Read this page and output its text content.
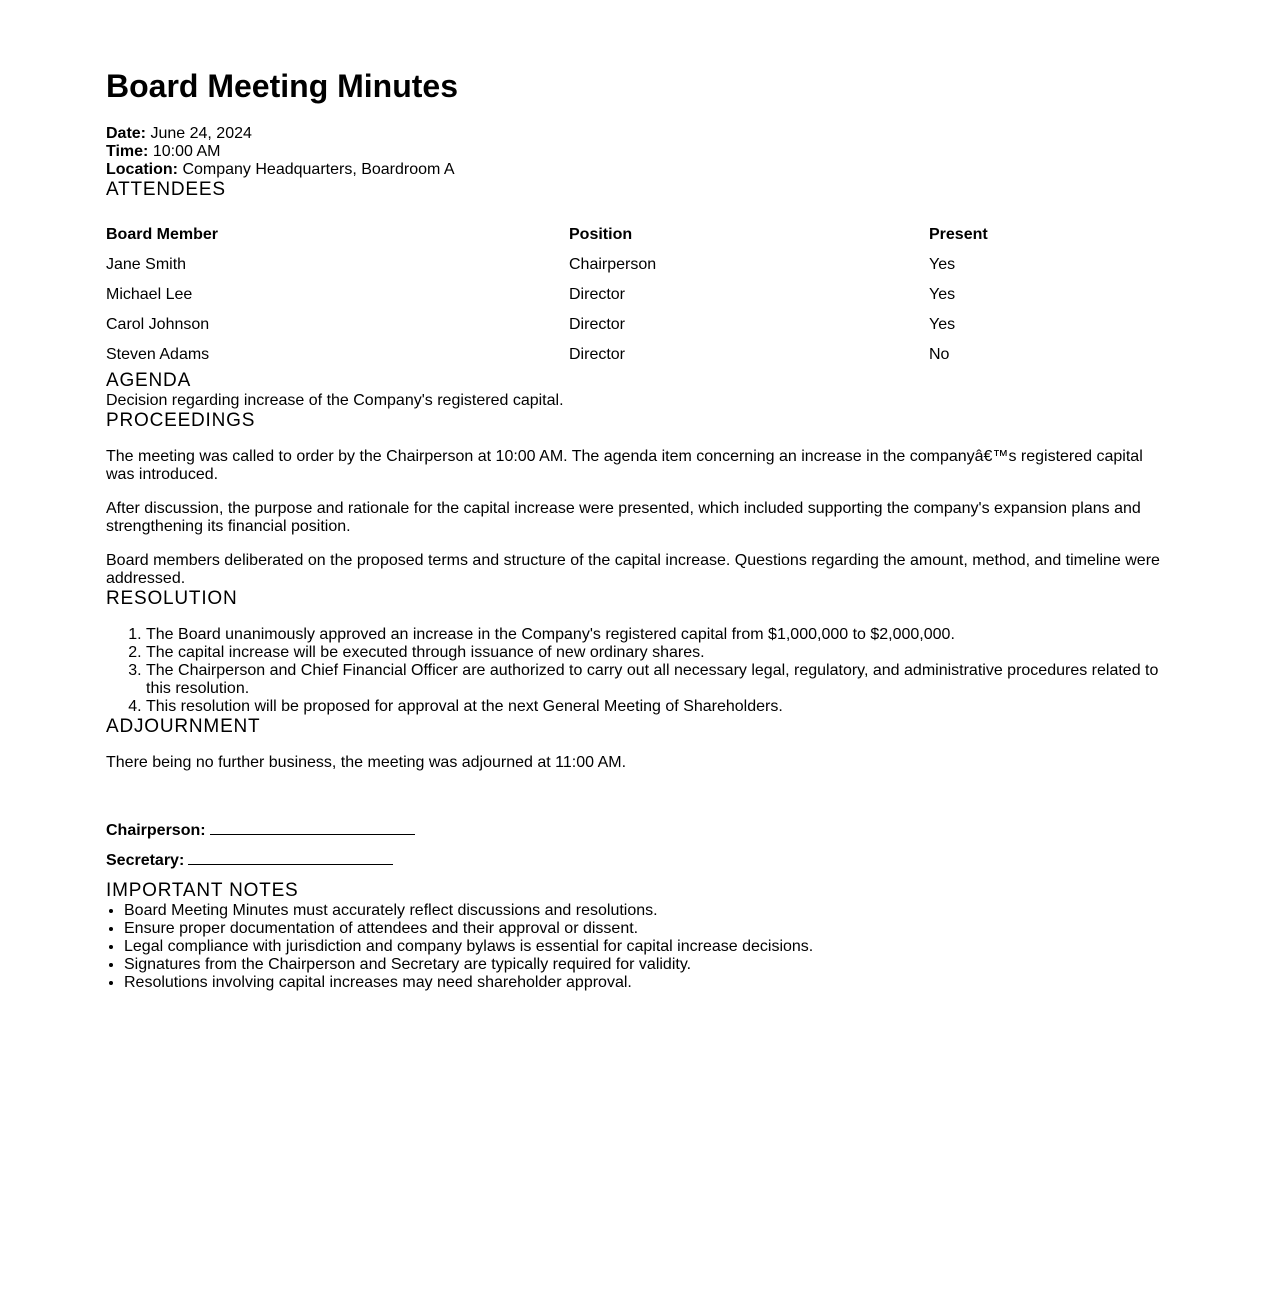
Board Meeting Minutes
Date: June 24, 2024
Time: 10:00 AM
Location: Company Headquarters, Boardroom A
ATTENDEES
Board Member	Position	Present
Jane Smith	Chairperson	Yes
Michael Lee	Director	Yes
Carol Johnson	Director	Yes
Steven Adams	Director	No
AGENDA

Decision regarding increase of the Company's registered capital.

PROCEEDINGS

The meeting was called to order by the Chairperson at 10:00 AM. The agenda item concerning an increase in the companyâ€™s registered capital was introduced.

After discussion, the purpose and rationale for the capital increase were presented, which included supporting the company's expansion plans and strengthening its financial position.

Board members deliberated on the proposed terms and structure of the capital increase. Questions regarding the amount, method, and timeline were addressed.

RESOLUTION
1. The Board unanimously approved an increase in the Company's registered capital from $1,000,000 to $2,000,000.
2. The capital increase will be executed through issuance of new ordinary shares.
3. The Chairperson and Chief Financial Officer are authorized to carry out all necessary legal, regulatory, and administrative procedures related to this resolution.
4. This resolution will be proposed for approval at the next General Meeting of Shareholders.
ADJOURNMENT

There being no further business, the meeting was adjourned at 11:00 AM.

Chairperson:
Secretary:
IMPORTANT NOTES
• Board Meeting Minutes must accurately reflect discussions and resolutions.
• Ensure proper documentation of attendees and their approval or dissent.
• Legal compliance with jurisdiction and company bylaws is essential for capital increase decisions.
• Signatures from the Chairperson and Secretary are typically required for validity.
• Resolutions involving capital increases may need shareholder approval.
